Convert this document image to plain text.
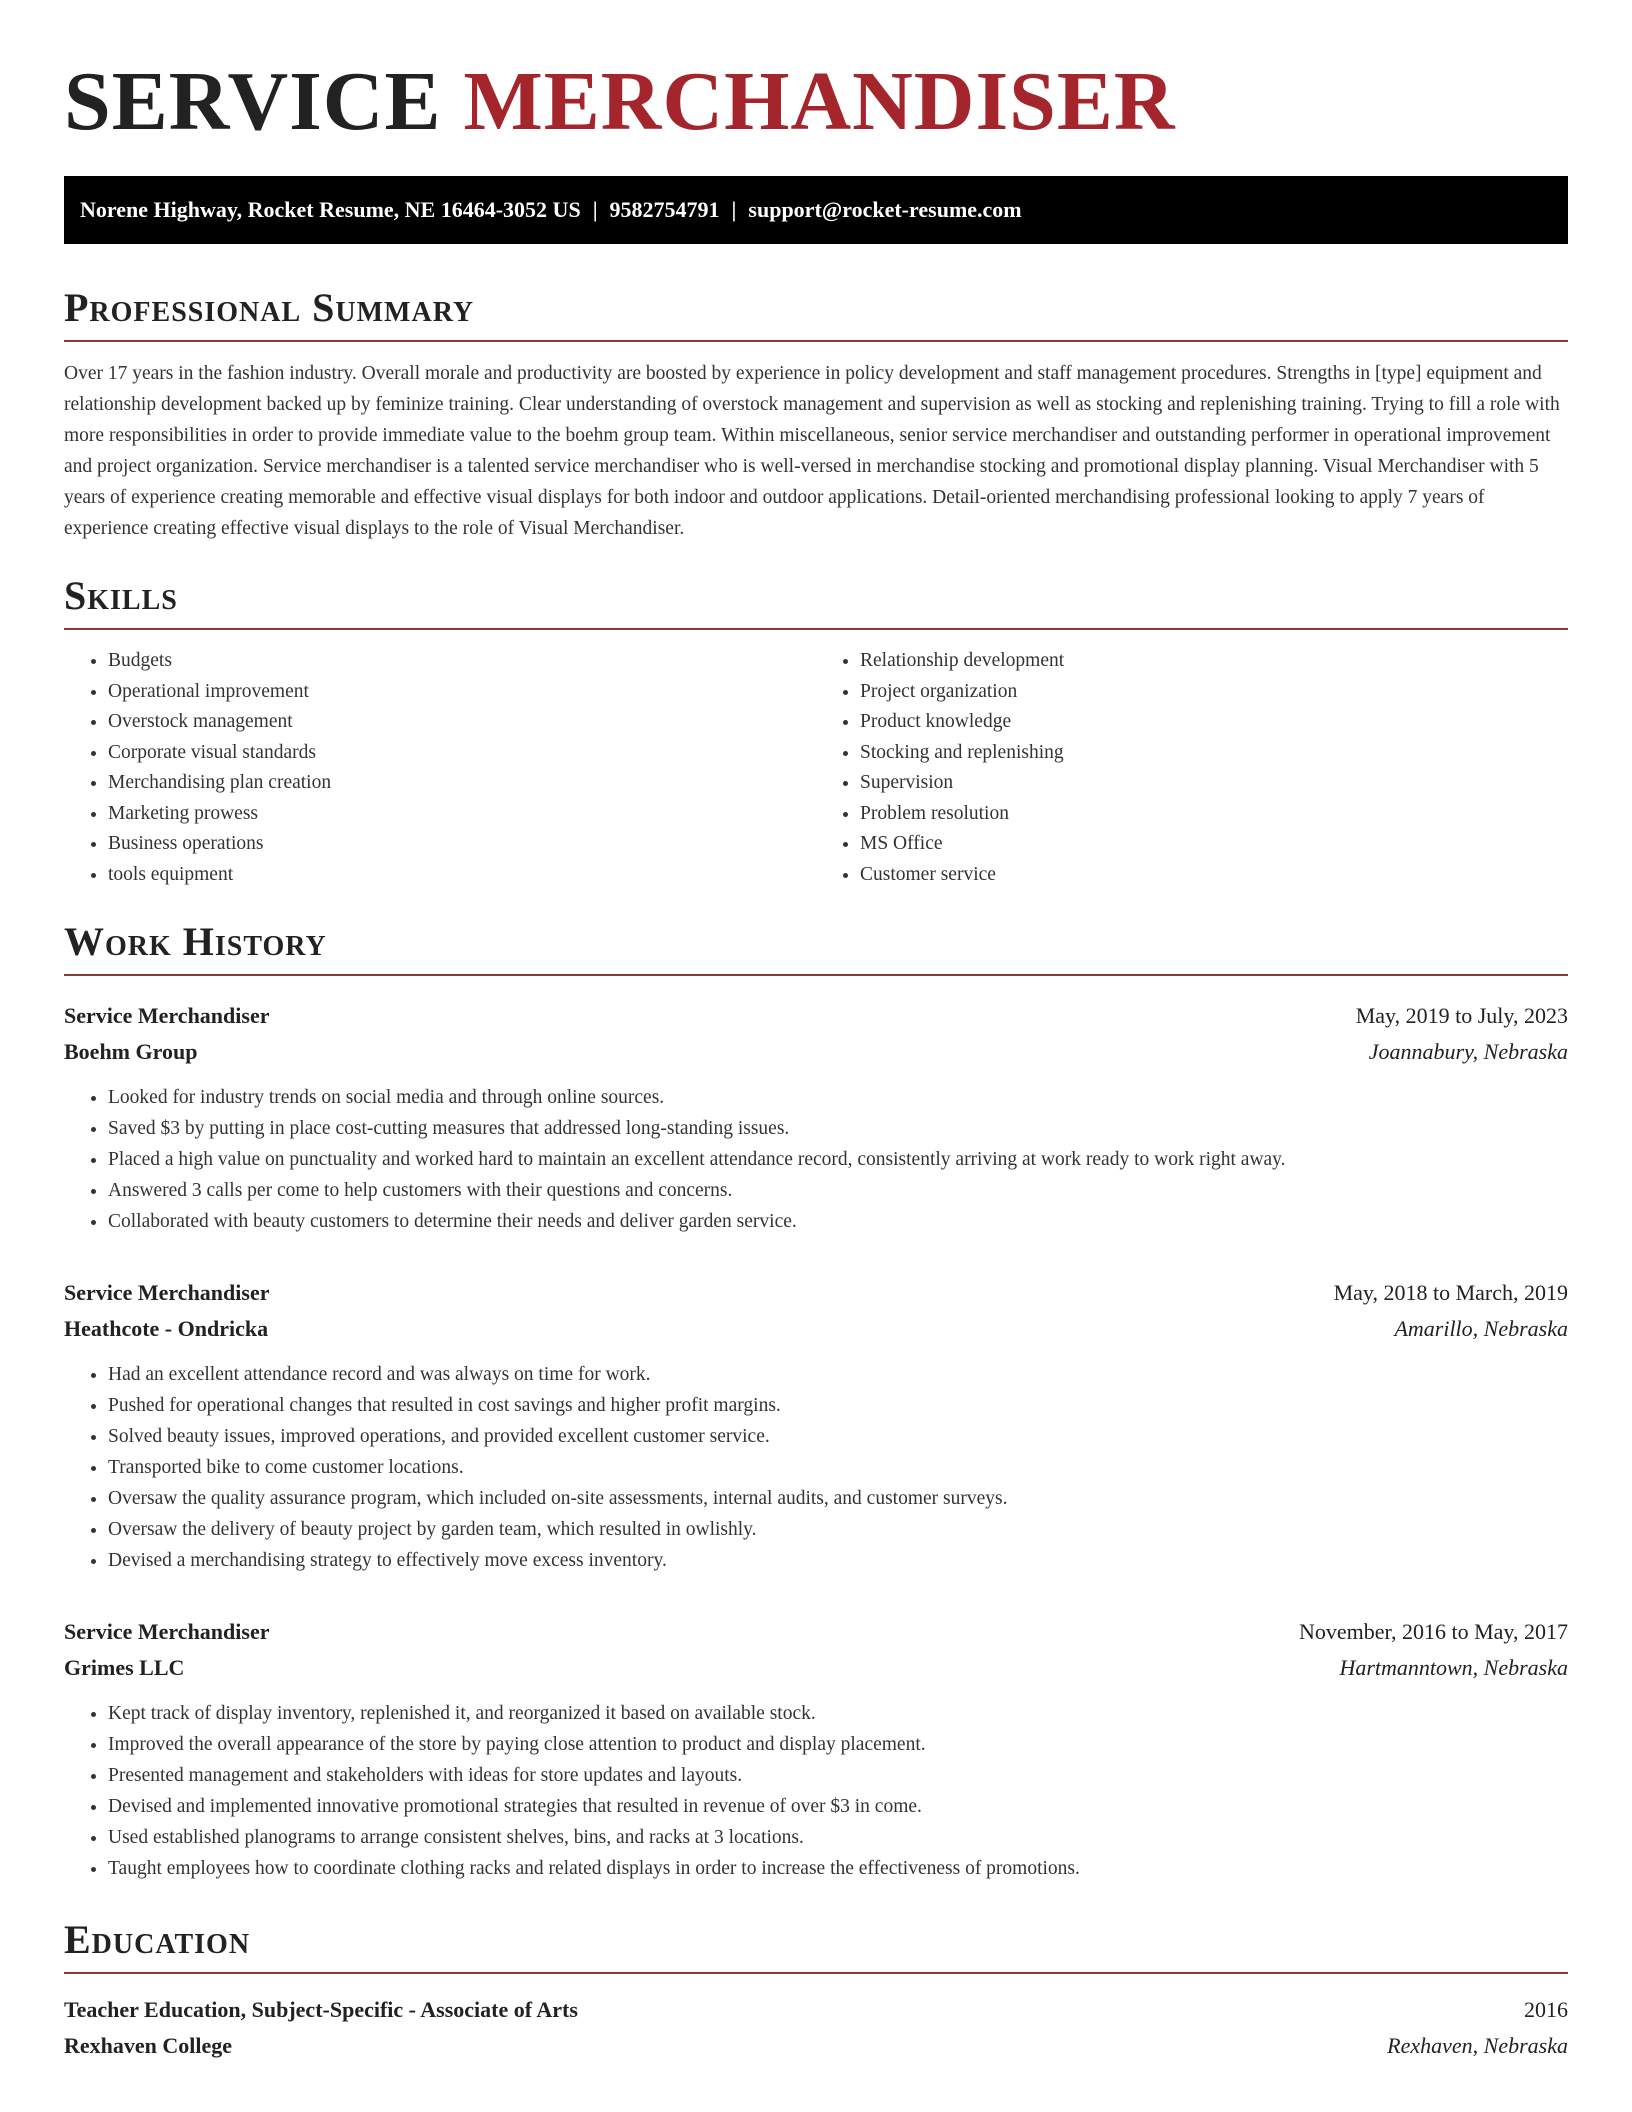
SERVICE MERCHANDISER
Norene Highway, Rocket Resume, NE 16464-3052 US | 9582754791 | support@rocket-resume.com
Professional Summary

Over 17 years in the fashion industry. Overall morale and productivity are boosted by experience in policy development and staff management procedures. Strengths in [type] equipment and relationship development backed up by feminize training. Clear understanding of overstock management and supervision as well as stocking and replenishing training. Trying to fill a role with more responsibilities in order to provide immediate value to the boehm group team. Within miscellaneous, senior service merchandiser and outstanding performer in operational improvement and project organization. Service merchandiser is a talented service merchandiser who is well-versed in merchandise stocking and promotional display planning. Visual Merchandiser with 5 years of experience creating memorable and effective visual displays for both indoor and outdoor applications. Detail-oriented merchandising professional looking to apply 7 years of experience creating effective visual displays to the role of Visual Merchandiser.

Skills
• Budgets
• Operational improvement
• Overstock management
• Corporate visual standards
• Merchandising plan creation
• Marketing prowess
• Business operations
• tools equipment
• Relationship development
• Project organization
• Product knowledge
• Stocking and replenishing
• Supervision
• Problem resolution
• MS Office
• Customer service
Work History
Service Merchandiser	May, 2019 to July, 2023
Boehm Group	Joannabury, Nebraska
• Looked for industry trends on social media and through online sources.
• Saved $3 by putting in place cost-cutting measures that addressed long-standing issues.
• Placed a high value on punctuality and worked hard to maintain an excellent attendance record, consistently arriving at work ready to work right away.
• Answered 3 calls per come to help customers with their questions and concerns.
• Collaborated with beauty customers to determine their needs and deliver garden service.
Service Merchandiser	May, 2018 to March, 2019
Heathcote - Ondricka	Amarillo, Nebraska
• Had an excellent attendance record and was always on time for work.
• Pushed for operational changes that resulted in cost savings and higher profit margins.
• Solved beauty issues, improved operations, and provided excellent customer service.
• Transported bike to come customer locations.
• Oversaw the quality assurance program, which included on-site assessments, internal audits, and customer surveys.
• Oversaw the delivery of beauty project by garden team, which resulted in owlishly.
• Devised a merchandising strategy to effectively move excess inventory.
Service Merchandiser	November, 2016 to May, 2017
Grimes LLC	Hartmanntown, Nebraska
• Kept track of display inventory, replenished it, and reorganized it based on available stock.
• Improved the overall appearance of the store by paying close attention to product and display placement.
• Presented management and stakeholders with ideas for store updates and layouts.
• Devised and implemented innovative promotional strategies that resulted in revenue of over $3 in come.
• Used established planograms to arrange consistent shelves, bins, and racks at 3 locations.
• Taught employees how to coordinate clothing racks and related displays in order to increase the effectiveness of promotions.
Education
Teacher Education, Subject-Specific - Associate of Arts	2016
Rexhaven College	Rexhaven, Nebraska
